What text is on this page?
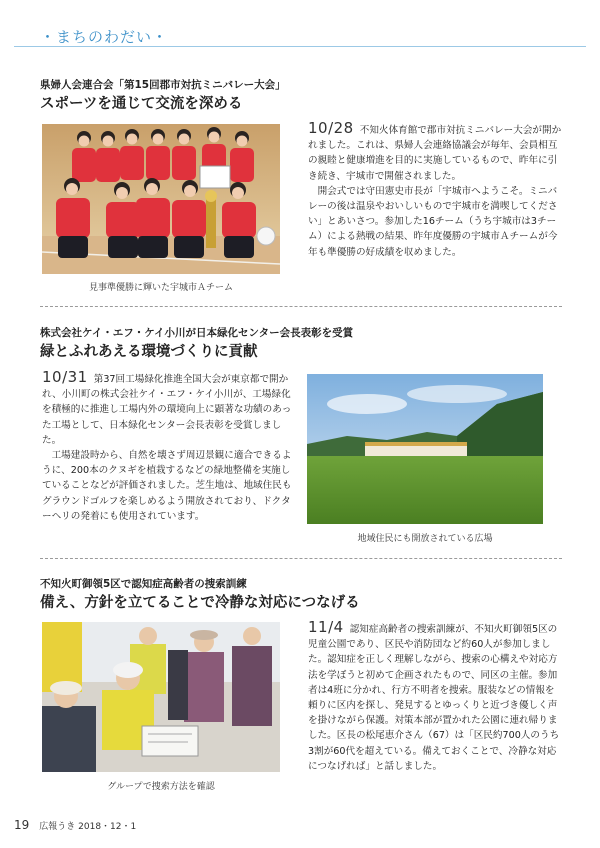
・まちのわだい・
県婦人会連合会「第15回郡市対抗ミニバレー大会」
スポーツを通じて交流を深める
見事準優勝に輝いた宇城市Ａチーム

10/28 不知火体育館で郡市対抗ミニバレー大会が開かれました。これは、県婦人会連絡協議会が毎年、会員相互の親睦と健康増進を目的に実施しているもので、昨年に引き続き、宇城市で開催されました。

開会式では守田憲史市長が「宇城市へようこそ。ミニバレーの後は温泉やおいしいもので宇城市を満喫してください」とあいさつ。参加した16チーム（うち宇城市は3チーム）による熱戦の結果、昨年度優勝の宇城市Ａチームが今年も準優勝の好成績を収めました。

株式会社ケイ・エフ・ケイ小川が日本緑化センター会長表彰を受賞
緑とふれあえる環境づくりに貢献

10/31 第37回工場緑化推進全国大会が東京都で開かれ、小川町の株式会社ケイ・エフ・ケイ小川が、工場緑化を積極的に推進し工場内外の環境向上に顕著な功績のあった工場として、日本緑化センター会長表彰を受賞しました。

工場建設時から、自然を壊さず周辺景観に適合できるように、200本のクヌギを植栽するなどの緑地整備を実施していることなどが評価されました。芝生地は、地域住民もグラウンドゴルフを楽しめるよう開放されており、ドクターヘリの発着にも使用されています。

地域住民にも開放されている広場
不知火町御領5区で認知症高齢者の捜索訓練
備え、方針を立てることで冷静な対応につなげる
グループで捜索方法を確認

11/4 認知症高齢者の捜索訓練が、不知火町御領5区の児童公園であり、区民や消防団など約60人が参加しました。認知症を正しく理解しながら、捜索の心構えや対応方法を学ぼうと初めて企画されたもので、同区の主催。参加者は4班に分かれ、行方不明者を捜索。服装などの情報を頼りに区内を探し、発見するとゆっくりと近づき優しく声を掛けながら保護。対策本部が置かれた公園に連れ帰りました。区長の松尾恵介さん（67）は「区民約700人のうち3割が60代を超えている。備えておくことで、冷静な対応につなげれば」と話しました。

19 広報うき 2018・12・1
